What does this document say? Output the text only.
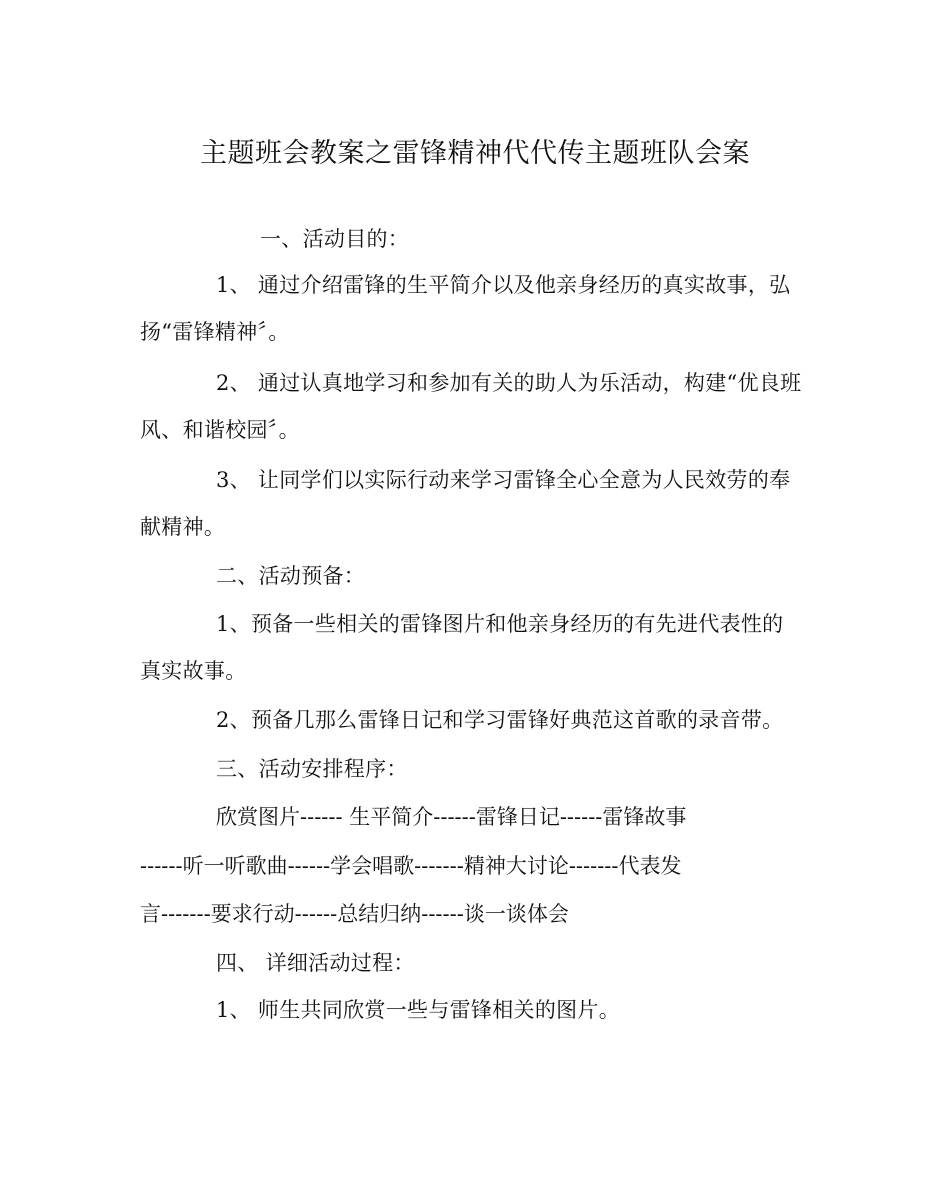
主题班会教案之雷锋精神代代传主题班队会案
一、活动目的：
1、 通过介绍雷锋的生平简介以及他亲身经历的真实故事，弘
扬“雷锋精神〞。
2、 通过认真地学习和参加有关的助人为乐活动，构建“优良班
风、和谐校园〞。
3、 让同学们以实际行动来学习雷锋全心全意为人民效劳的奉
献精神。
二、活动预备：
1、预备一些相关的雷锋图片和他亲身经历的有先进代表性的
真实故事。
2、预备几那么雷锋日记和学习雷锋好典范这首歌的录音带。
三、活动安排程序：
欣赏图片------ 生平简介------雷锋日记------雷锋故事
------听一听歌曲------学会唱歌-------精神大讨论-------代表发
言-------要求行动------总结归纳------谈一谈体会
四、 详细活动过程：
1、 师生共同欣赏一些与雷锋相关的图片。
